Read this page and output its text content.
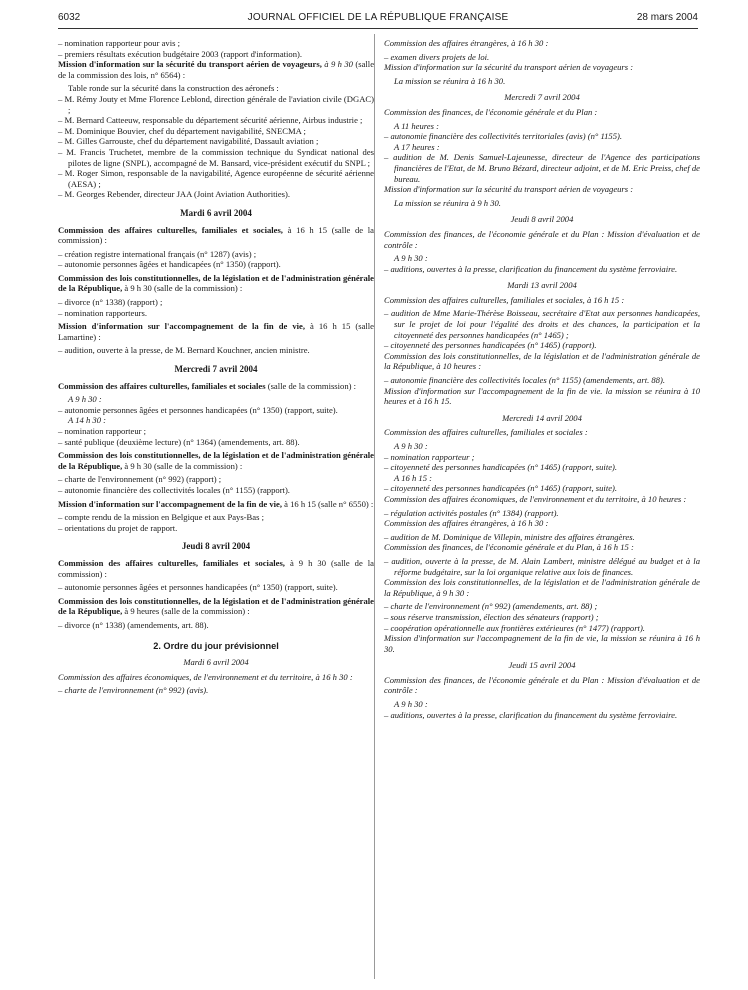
6032	JOURNAL OFFICIEL DE LA RÉPUBLIQUE FRANÇAISE	28 mars 2004

– nomination rapporteur pour avis ;

– premiers résultats exécution budgétaire 2003 (rapport d'information).

Mission d'information sur la sécurité du transport aérien de voyageurs, à 9 h 30 (salle de la commission des lois, n° 6564) :

Table ronde sur la sécurité dans la construction des aéronefs :

– M. Rémy Jouty et Mme Florence Leblond, direction générale de l'aviation civile (DGAC) ;

– M. Bernard Catteeuw, responsable du département sécurité aérienne, Airbus industrie ;

– M. Dominique Bouvier, chef du département navigabilité, SNECMA ;

– M. Gilles Garrouste, chef du département navigabilité, Dassault aviation ;

– M. Francis Truchetet, membre de la commission technique du Syndicat national des pilotes de ligne (SNPL), accompagné de M. Bansard, vice-président exécutif du SNPL ;

– M. Roger Simon, responsable de la navigabilité, Agence européenne de sécurité aérienne (AESA) ;

– M. Georges Rebender, directeur JAA (Joint Aviation Authorities).

Mardi 6 avril 2004

Commission des affaires culturelles, familiales et sociales, à 16 h 15 (salle de la commission) :

– création registre international français (n° 1287) (avis) ;

– autonomie personnes âgées et handicapées (n° 1350) (rapport).

Commission des lois constitutionnelles, de la législation et de l'administration générale de la République, à 9 h 30 (salle de la commission) :

– divorce (n° 1338) (rapport) ;

– nomination rapporteurs.

Mission d'information sur l'accompagnement de la fin de vie, à 16 h 15 (salle Lamartine) :

– audition, ouverte à la presse, de M. Bernard Kouchner, ancien ministre.

Mercredi 7 avril 2004

Commission des affaires culturelles, familiales et sociales (salle de la commission) :

A 9 h 30 :

– autonomie personnes âgées et personnes handicapées (n° 1350) (rapport, suite).

A 14 h 30 :

– nomination rapporteur ;

– santé publique (deuxième lecture) (n° 1364) (amendements, art. 88).

Commission des lois constitutionnelles, de la législation et de l'administration générale de la République, à 9 h 30 (salle de la commission) :

– charte de l'environnement (n° 992) (rapport) ;

– autonomie financière des collectivités locales (n° 1155) (rapport).

Mission d'information sur l'accompagnement de la fin de vie, à 16 h 15 (salle n° 6550) :

– compte rendu de la mission en Belgique et aux Pays-Bas ;

– orientations du projet de rapport.

Jeudi 8 avril 2004

Commission des affaires culturelles, familiales et sociales, à 9 h 30 (salle de la commission) :

– autonomie personnes âgées et personnes handicapées (n° 1350) (rapport, suite).

Commission des lois constitutionnelles, de la législation et de l'administration générale de la République, à 9 heures (salle de la commission) :

– divorce (n° 1338) (amendements, art. 88).

2. Ordre du jour prévisionnel
Mardi 6 avril 2004

Commission des affaires économiques, de l'environnement et du territoire, à 16 h 30 :

– charte de l'environnement (n° 992) (avis).

Commission des affaires étrangères, à 16 h 30 :

– examen divers projets de loi.

Mission d'information sur la sécurité du transport aérien de voyageurs :

La mission se réunira à 16 h 30.

Mercredi 7 avril 2004

Commission des finances, de l'économie générale et du Plan :

A 11 heures :

– autonomie financière des collectivités territoriales (avis) (n° 1155).

A 17 heures :

– audition de M. Denis Samuel-Lajeunesse, directeur de l'Agence des participations financières de l'Etat, de M. Bruno Bézard, directeur adjoint, et de M. Eric Preiss, chef de bureau.

Mission d'information sur la sécurité du transport aérien de voyageurs :

La mission se réunira à 9 h 30.

Jeudi 8 avril 2004

Commission des finances, de l'économie générale et du Plan : Mission d'évaluation et de contrôle :

A 9 h 30 :

– auditions, ouvertes à la presse, clarification du financement du système ferroviaire.

Mardi 13 avril 2004

Commission des affaires culturelles, familiales et sociales, à 16 h 15 :

– audition de Mme Marie-Thérèse Boisseau, secrétaire d'Etat aux personnes handicapées, sur le projet de loi pour l'égalité des droits et des chances, la participation et la citoyenneté des personnes handicapées (n° 1465) ;

– citoyenneté des personnes handicapées (n° 1465) (rapport).

Commission des lois constitutionnelles, de la législation et de l'administration générale de la République, à 10 heures :

– autonomie financière des collectivités locales (n° 1155) (amendements, art. 88).

Mission d'information sur l'accompagnement de la fin de vie. la mission se réunira à 10 heures et à 16 h 15.

Mercredi 14 avril 2004

Commission des affaires culturelles, familiales et sociales :

A 9 h 30 :

– nomination rapporteur ;

– citoyenneté des personnes handicapées (n° 1465) (rapport, suite).

A 16 h 15 :

– citoyenneté des personnes handicapées (n° 1465) (rapport, suite).

Commission des affaires économiques, de l'environnement et du territoire, à 10 heures :

– régulation activités postales (n° 1384) (rapport).

Commission des affaires étrangères, à 16 h 30 :

– audition de M. Dominique de Villepin, ministre des affaires étrangères.

Commission des finances, de l'économie générale et du Plan, à 16 h 15 :

– audition, ouverte à la presse, de M. Alain Lambert, ministre délégué au budget et à la réforme budgétaire, sur la loi organique relative aux lois de finances.

Commission des lois constitutionnelles, de la législation et de l'administration générale de la République, à 9 h 30 :

– charte de l'environnement (n° 992) (amendements, art. 88) ;

– sous réserve transmission, élection des sénateurs (rapport) ;

– coopération opérationnelle aux frontières extérieures (n° 1477) (rapport).

Mission d'information sur l'accompagnement de la fin de vie, la mission se réunira à 16 h 30.

Jeudi 15 avril 2004

Commission des finances, de l'économie générale et du Plan : Mission d'évaluation et de contrôle :

A 9 h 30 :

– auditions, ouvertes à la presse, clarification du financement du système ferroviaire.
